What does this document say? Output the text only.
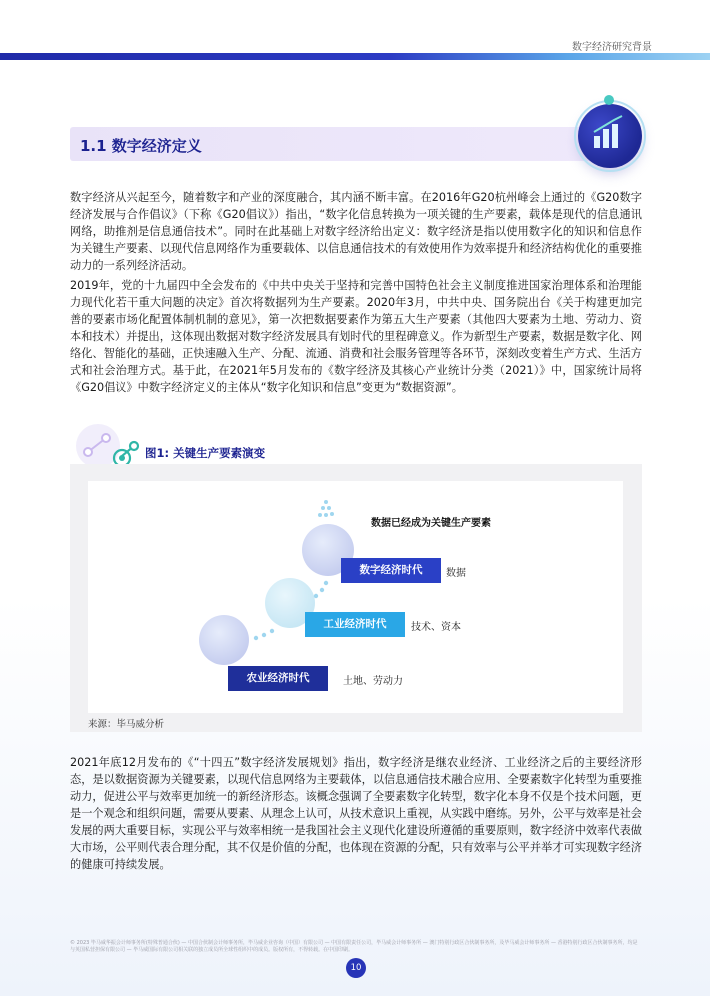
数字经济研究背景
1.1 数字经济定义

数字经济从兴起至今，随着数字和产业的深度融合，其内涵不断丰富。在2016年G20杭州峰会上通过的《G20数字经济发展与合作倡议》（下称《G20倡议》）指出，“数字化信息转换为一项关键的生产要素，载体是现代的信息通讯网络，助推剂是信息通信技术”。同时在此基础上对数字经济给出定义：数字经济是指以使用数字化的知识和信息作为关键生产要素、以现代信息网络作为重要载体、以信息通信技术的有效使用作为效率提升和经济结构优化的重要推动力的一系列经济活动。

2019年，党的十九届四中全会发布的《中共中央关于坚持和完善中国特色社会主义制度推进国家治理体系和治理能力现代化若干重大问题的决定》首次将数据列为生产要素。2020年3月，中共中央、国务院出台《关于构建更加完善的要素市场化配置体制机制的意见》，第一次把数据要素作为第五大生产要素（其他四大要素为土地、劳动力、资本和技术）并提出，这体现出数据对数字经济发展具有划时代的里程碑意义。作为新型生产要素，数据是数字化、网络化、智能化的基础，正快速融入生产、分配、流通、消费和社会服务管理等各环节，深刻改变着生产方式、生活方式和社会治理方式。基于此，在2021年5月发布的《数字经济及其核心产业统计分类（2021）》中，国家统计局将《G20倡议》中数字经济定义的主体从“数字化知识和信息”变更为“数据资源”。

图1: 关键生产要素演变
数据已经成为关键生产要素
数字经济时代	数据
工业经济时代	技术、资本
农业经济时代	土地、劳动力
来源：毕马威分析

2021年底12月发布的《“十四五”数字经济发展规划》指出，数字经济是继农业经济、工业经济之后的主要经济形态，是以数据资源为关键要素，以现代信息网络为主要载体，以信息通信技术融合应用、全要素数字化转型为重要推动力，促进公平与效率更加统一的新经济形态。该概念强调了全要素数字化转型，数字化本身不仅是个技术问题，更是一个观念和组织问题，需要从要素、从理念上认可，从技术意识上重视，从实践中磨练。另外，公平与效率是社会发展的两大重要目标，实现公平与效率相统一是我国社会主义现代化建设所遵循的重要原则，数字经济中效率代表做大市场，公平则代表合理分配，其不仅是价值的分配，也体现在资源的分配，只有效率与公平并举才可实现数字经济的健康可持续发展。

© 2023 毕马威华振会计师事务所(特殊普通合伙) — 中国合伙制会计师事务所，毕马威企业咨询（中国）有限公司 — 中国有限责任公司，毕马威会计师事务所 — 澳门特别行政区合伙制事务所，及毕马威会计师事务所 — 香港特别行政区合伙制事务所，均是与英国私营担保有限公司 — 毕马威国际有限公司相关联的独立成员所全球性组织中的成员。版权所有，不得转载。在中国印刷。
10
